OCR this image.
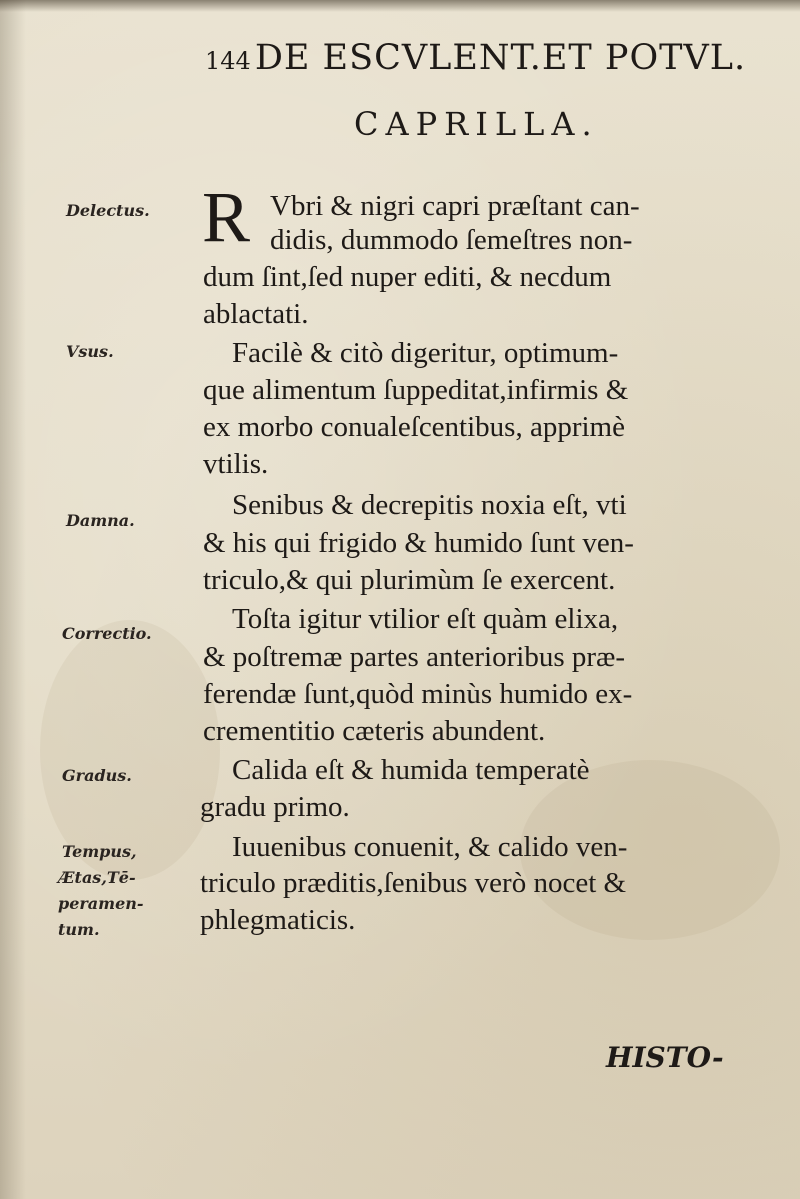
144 DE ESCVLENT.ET POTVL.
CAPRILLA.
Delectus.
Vsus.
Damna.
Correctio.
Gradus.
Tempus,
Ætas,Tē-
peramen-
tum.
R Vbri & nigri capri præſtant can-
didis, dummodo ſemeſtres non-
dum ſint,ſed nuper editi, & necdum
ablactati.
Facilè & citò digeritur, optimum-
que alimentum ſuppeditat,infirmis &
ex morbo conualeſcentibus, apprimè
vtilis.
Senibus & decrepitis noxia eſt, vti
& his qui frigido & humido ſunt ven-
triculo,& qui plurimùm ſe exercent.
Toſta igitur vtilior eſt quàm elixa,
& poſtremæ partes anterioribus præ-
ferendæ ſunt,quòd minùs humido ex-
crementitio cæteris abundent.
Calida eſt & humida temperatè
gradu primo.
Iuuenibus conuenit, & calido ven-
triculo præditis,ſenibus verò nocet &
phlegmaticis.
HISTO-
